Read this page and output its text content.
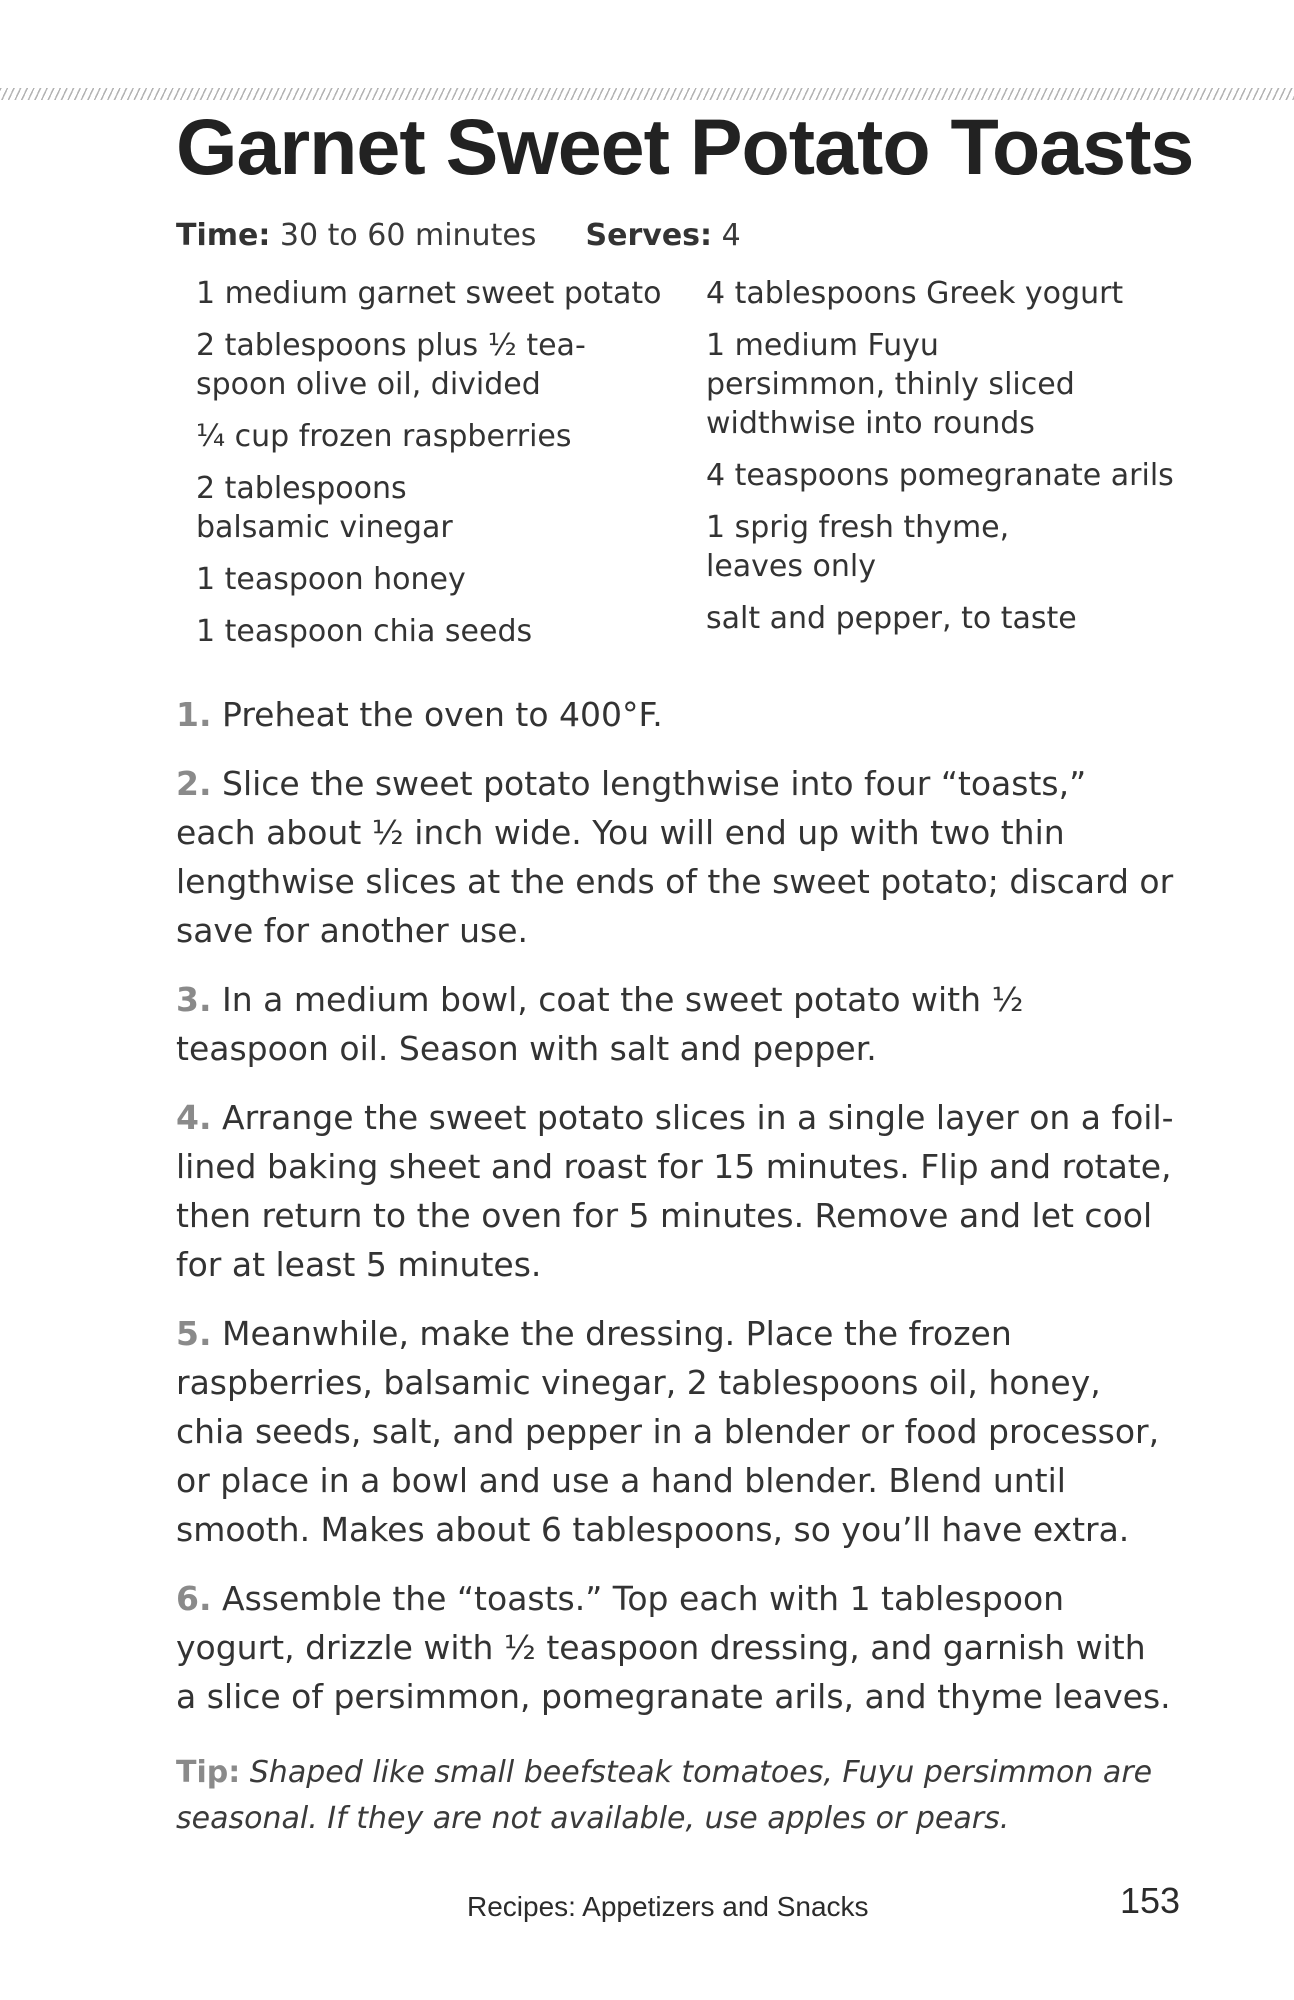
Garnet Sweet Potato Toasts
Time: 30 to 60 minutes Serves: 4
1 medium garnet sweet potato
2 tablespoons plus ½ tea-
spoon olive oil, divided
¼ cup frozen raspberries
2 tablespoons
balsamic vinegar
1 teaspoon honey
1 teaspoon chia seeds
4 tablespoons Greek yogurt
1 medium Fuyu
persimmon, thinly sliced
widthwise into rounds
4 teaspoons pomegranate arils
1 sprig fresh thyme,
leaves only
salt and pepper, to taste

1. Preheat the oven to 400°F.

2. Slice the sweet potato lengthwise into four “toasts,” each about ½ inch wide. You will end up with two thin lengthwise slices at the ends of the sweet potato; discard or save for another use.

3. In a medium bowl, coat the sweet potato with ½ teaspoon oil. Season with salt and pepper.

4. Arrange the sweet potato slices in a single layer on a foil-lined baking sheet and roast for 15 minutes. Flip and rotate, then return to the oven for 5 minutes. Remove and let cool for at least 5 minutes.

5. Meanwhile, make the dressing. Place the frozen raspberries, balsamic vinegar, 2 tablespoons oil, honey, chia seeds, salt, and pepper in a blender or food processor, or place in a bowl and use a hand blender. Blend until smooth. Makes about 6 tablespoons, so you’ll have extra.

6. Assemble the “toasts.” Top each with 1 tablespoon yogurt, drizzle with ½ teaspoon dressing, and garnish with a slice of persimmon, pomegranate arils, and thyme leaves.

Tip: Shaped like small beefsteak tomatoes, Fuyu persimmon are seasonal. If they are not available, use apples or pears.
Recipes: Appetizers and Snacks	153
